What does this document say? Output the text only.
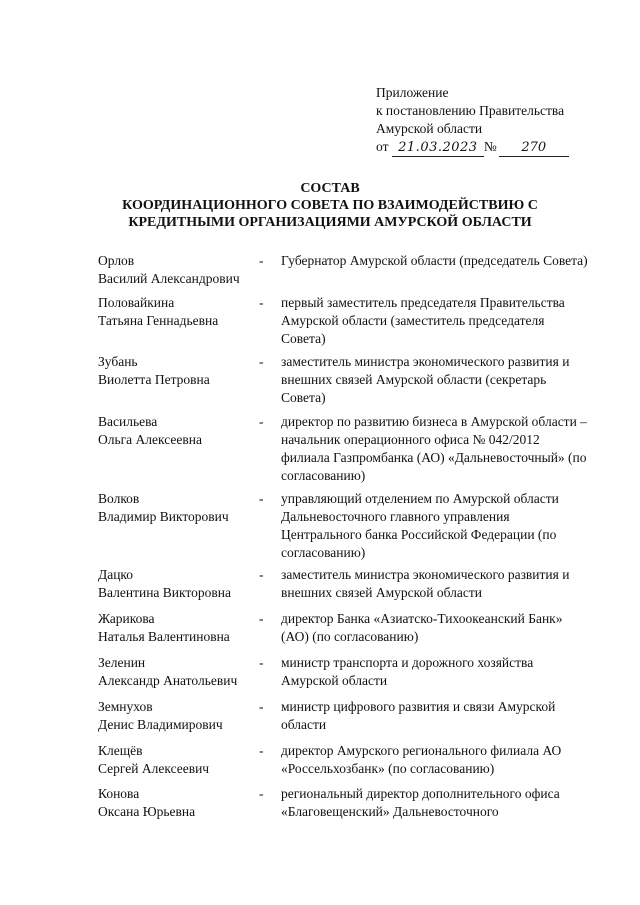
Приложение
к постановлению Правительства
Амурской области
от 21.03.2023 № 270
СОСТАВ
КООРДИНАЦИОННОГО СОВЕТА ПО ВЗАИМОДЕЙСТВИЮ С
КРЕДИТНЫМИ ОРГАНИЗАЦИЯМИ АМУРСКОЙ ОБЛАСТИ
Орлов
Василий Александрович
- Губернатор Амурской области (председатель Совета)
Половайкина
Татьяна Геннадьевна
- первый заместитель председателя Правительства Амурской области (заместитель председателя Совета)
Зубань
Виолетта Петровна
- заместитель министра экономического развития и внешних связей Амурской области (секретарь Совета)
Васильева
Ольга Алексеевна
- директор по развитию бизнеса в Амурской области – начальник операционного офиса № 042/2012 филиала Газпромбанка (АО) «Дальневосточный» (по согласованию)
Волков
Владимир Викторович
- управляющий отделением по Амурской области Дальневосточного главного управления Центрального банка Российской Федерации (по согласованию)
Дацко
Валентина Викторовна
- заместитель министра экономического развития и внешних связей Амурской области
Жарикова
Наталья Валентиновна
- директор Банка «Азиатско-Тихоокеанский Банк» (АО) (по согласованию)
Зеленин
Александр Анатольевич
- министр транспорта и дорожного хозяйства Амурской области
Земнухов
Денис Владимирович
- министр цифрового развития и связи Амурской области
Клещёв
Сергей Алексеевич
- директор Амурского регионального филиала АО «Россельхозбанк» (по согласованию)
Конова
Оксана Юрьевна
- региональный директор дополнительного офиса «Благовещенский» Дальневосточного
